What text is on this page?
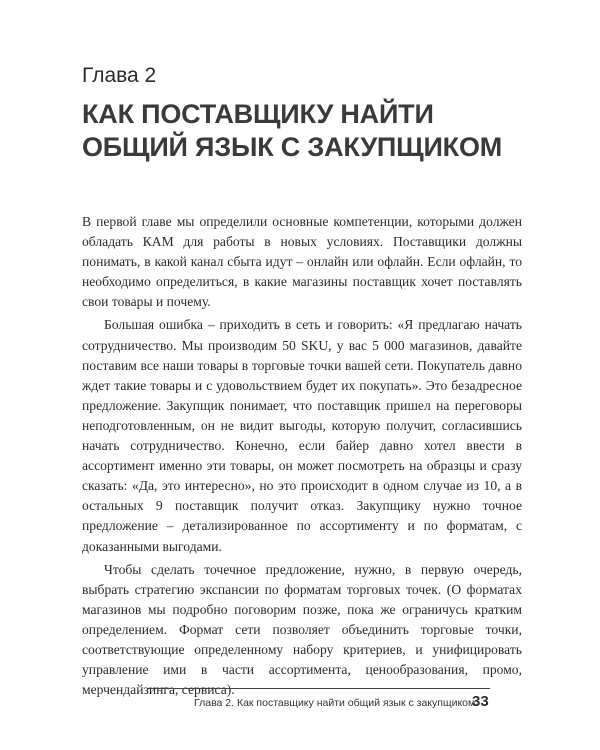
Глава 2
КАК ПОСТАВЩИКУ НАЙТИ
ОБЩИЙ ЯЗЫК С ЗАКУПЩИКОМ

В первой главе мы определили основные компетенции, которыми должен обладать КАМ для работы в новых условиях. Поставщики должны понимать, в какой канал сбыта идут – онлайн или офлайн. Если офлайн, то необходимо определиться, в какие магазины поставщик хочет поставлять свои товары и почему.

Большая ошибка – приходить в сеть и говорить: «Я предлагаю начать сотрудничество. Мы производим 50 SKU, у вас 5 000 магазинов, давайте поставим все наши товары в торговые точки вашей сети. Покупатель давно ждет такие товары и с удовольствием будет их покупать». Это безадресное предложение. Закупщик понимает, что поставщик пришел на переговоры неподготовленным, он не видит выгоды, которую получит, согласившись начать сотрудничество. Конечно, если байер давно хотел ввести в ассортимент именно эти товары, он может посмотреть на образцы и сразу сказать: «Да, это интересно», но это происходит в одном случае из 10, а в остальных 9 поставщик получит отказ. Закупщику нужно точное предложение – детализированное по ассортименту и по форматам, с доказанными выгодами.

Чтобы сделать точечное предложение, нужно, в первую очередь, выбрать стратегию экспансии по форматам торговых точек. (О форматах магазинов мы подробно поговорим позже, пока же ограничусь кратким определением. Формат сети позволяет объединить торговые точки, соответствующие определенному набору критериев, и унифицировать управление ими в части ассортимента, ценообразования, промо, мерчендайзинга, сервиса).

Глава 2. Как поставщику найти общий язык с закупщиком
33
